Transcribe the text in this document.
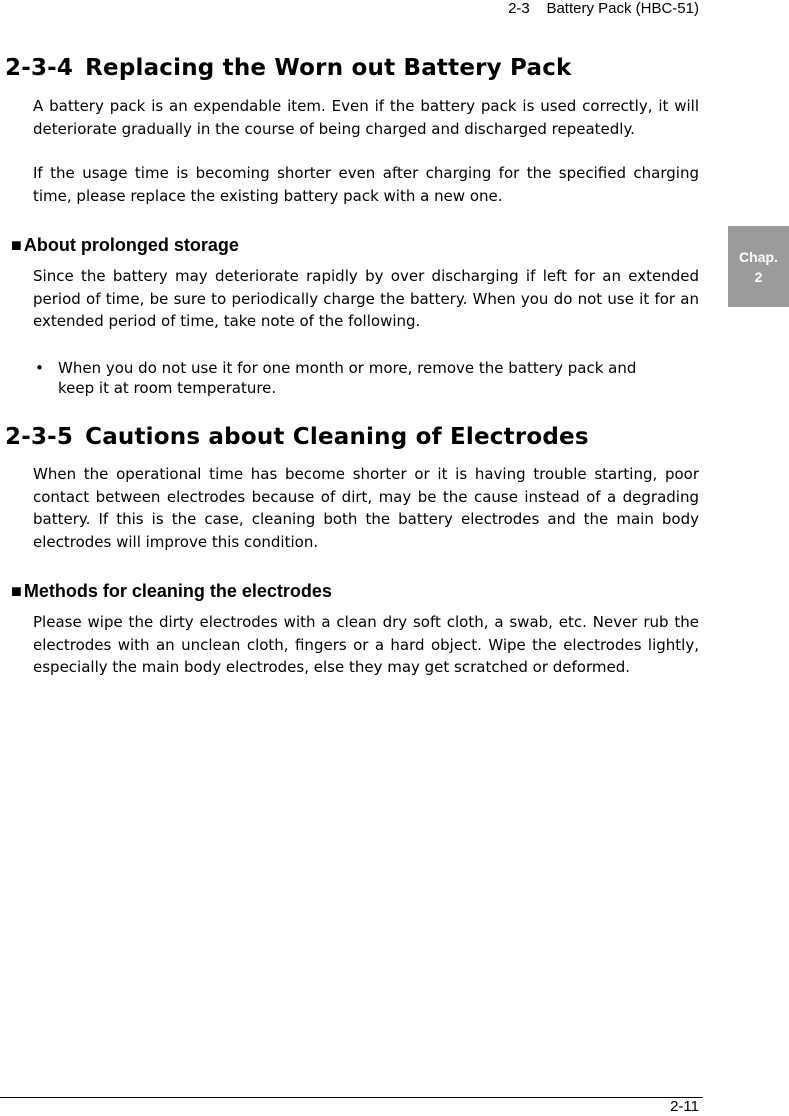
2-3    Battery Pack (HBC-51)
Chap.
2
2-3-4 Replacing the Worn out Battery Pack

A battery pack is an expendable item. Even if the battery pack is used correctly, it will deteriorate gradually in the course of being charged and discharged repeatedly.

If the usage time is becoming shorter even after charging for the specified charging time, please replace the existing battery pack with a new one.

■ About prolonged storage

Since the battery may deteriorate rapidly by over discharging if left for an extended period of time, be sure to periodically charge the battery. When you do not use it for an extended period of time, take note of the following.

• When you do not use it for one month or more, remove the battery pack and keep it at room temperature.
2-3-5 Cautions about Cleaning of Electrodes

When the operational time has become shorter or it is having trouble starting, poor contact between electrodes because of dirt, may be the cause instead of a degrading battery. If this is the case, cleaning both the battery electrodes and the main body electrodes will improve this condition.

■ Methods for cleaning the electrodes

Please wipe the dirty electrodes with a clean dry soft cloth, a swab, etc. Never rub the electrodes with an unclean cloth, fingers or a hard object. Wipe the electrodes lightly, especially the main body electrodes, else they may get scratched or deformed.

2-11
